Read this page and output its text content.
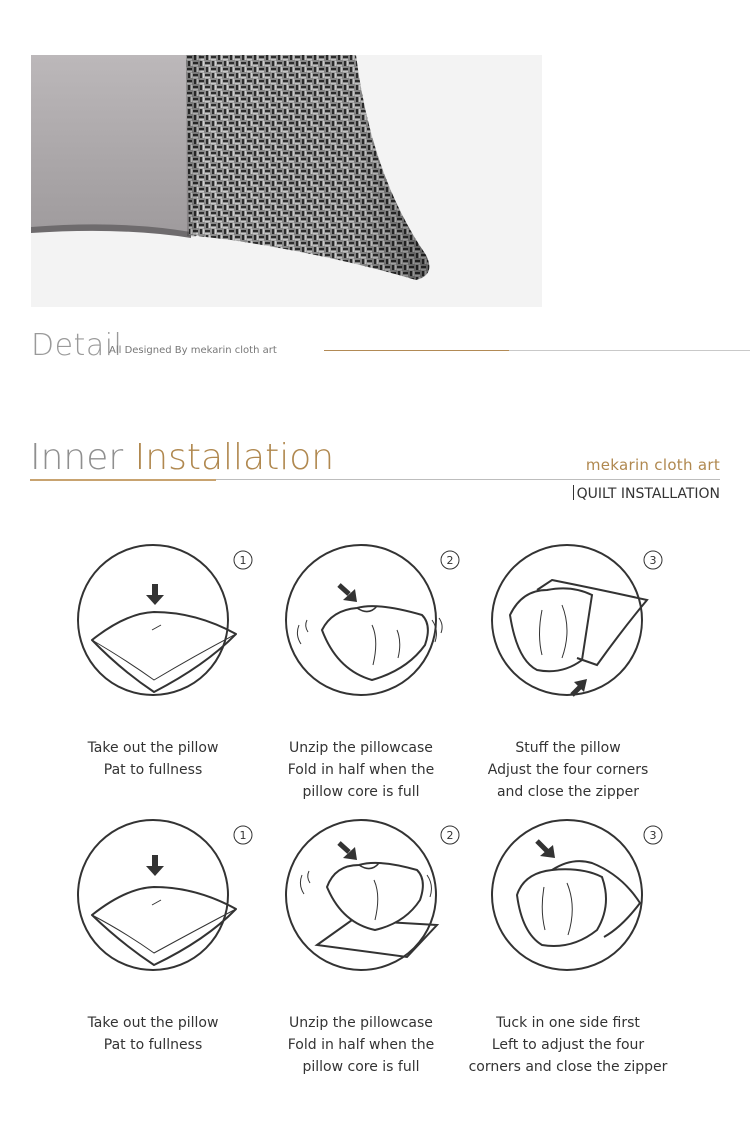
Detail
All Designed By mekarin cloth art
Inner Installation	mekarin cloth art
QUILT INSTALLATION
1
Take out the pillow
Pat to fullness
2
Unzip the pillowcase
Fold in half when the
pillow core is full
3
Stuff the pillow
Adjust the four corners
and close the zipper
1
Take out the pillow
Pat to fullness
2
Unzip the pillowcase
Fold in half when the
pillow core is full
3
Tuck in one side first
Left to adjust the four
corners and close the zipper
